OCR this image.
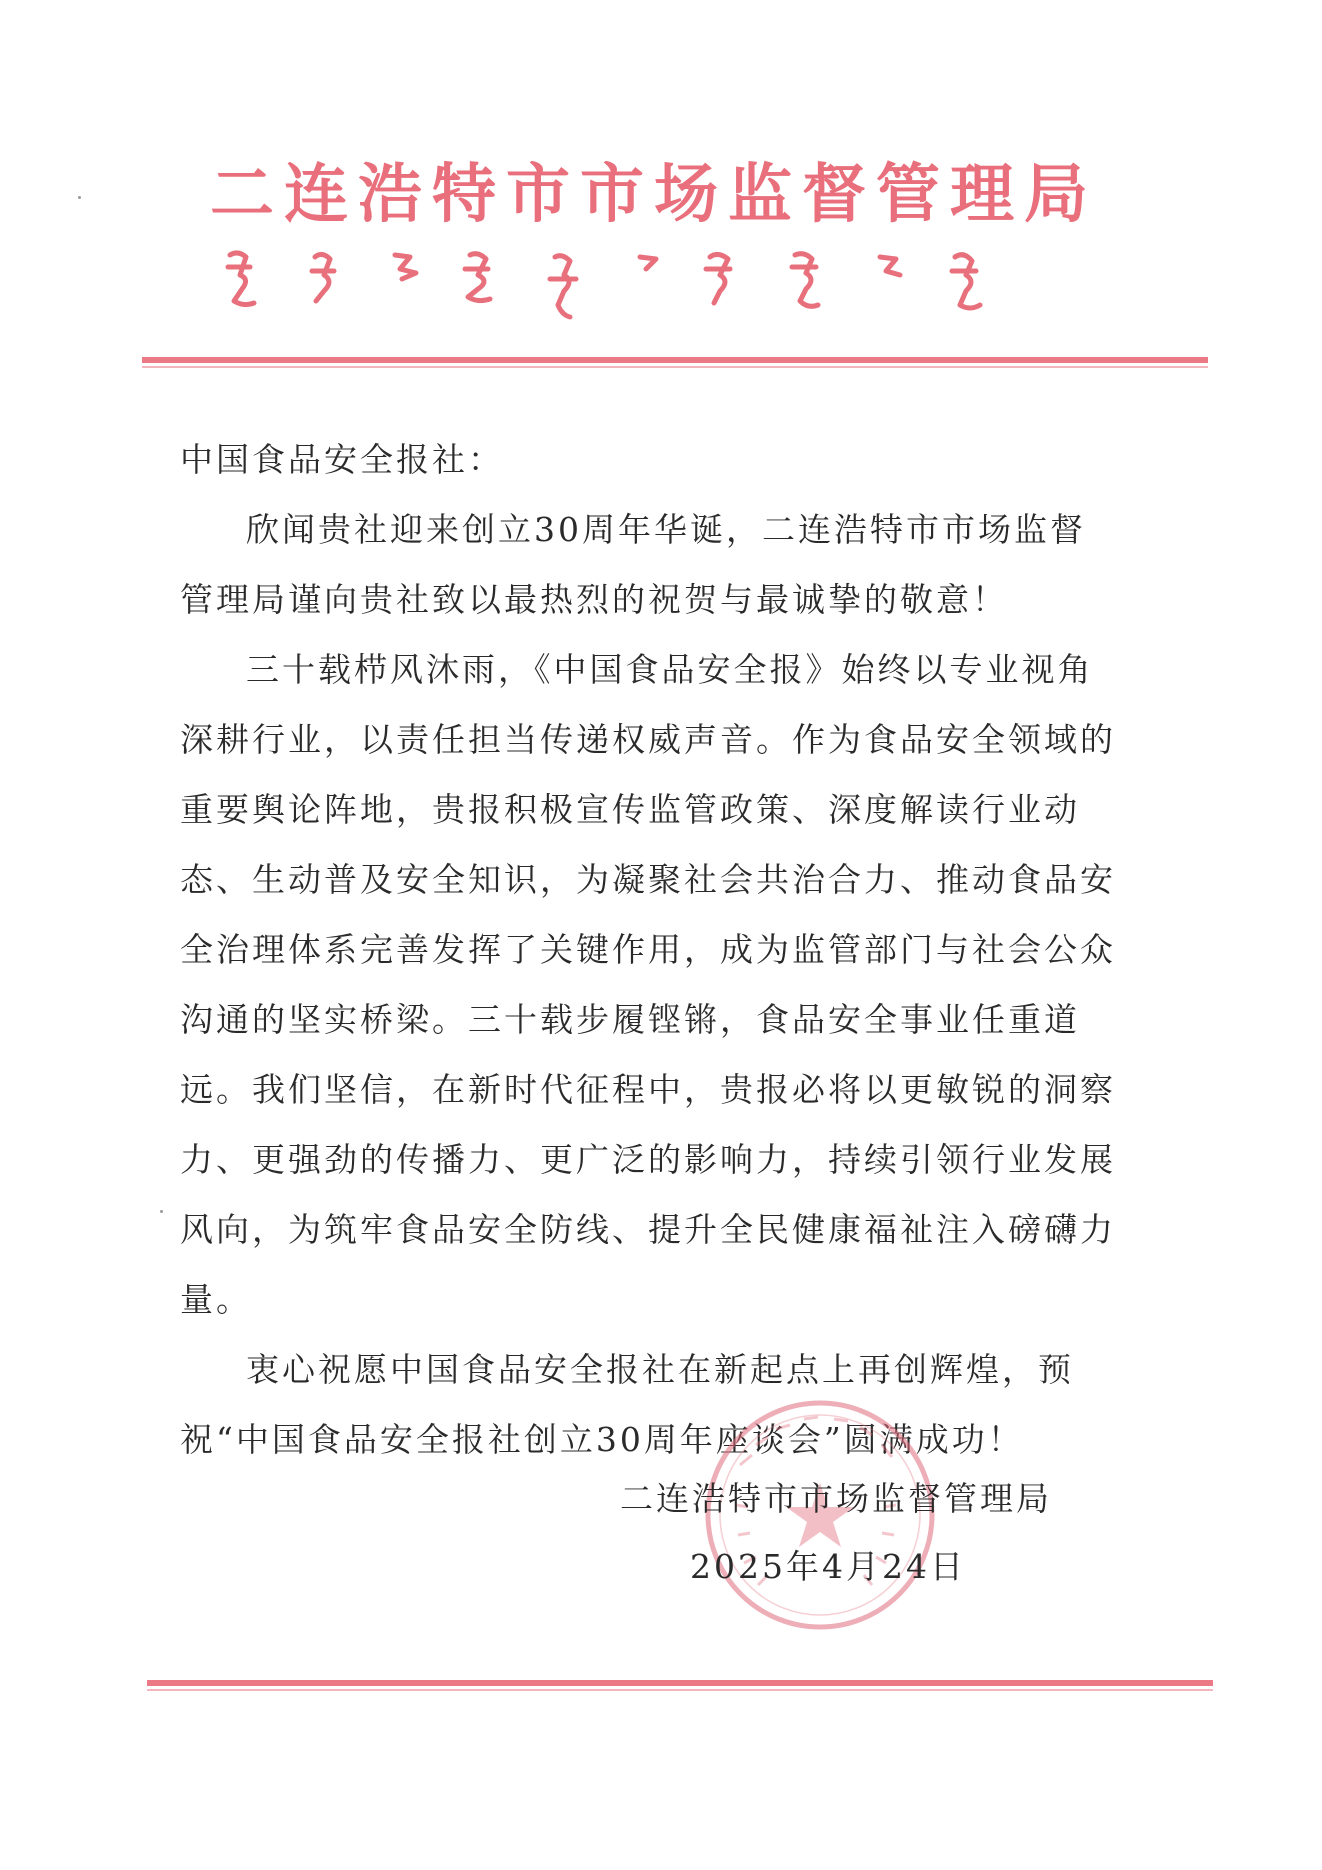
二连浩特市市场监督管理局

中国食品安全报社：

欣闻贵社迎来创立30周年华诞，二连浩特市市场监督管理局谨向贵社致以最热烈的祝贺与最诚挚的敬意！

三十载栉风沐雨，《中国食品安全报》始终以专业视角深耕行业，以责任担当传递权威声音。作为食品安全领域的重要舆论阵地，贵报积极宣传监管政策、深度解读行业动态、生动普及安全知识，为凝聚社会共治合力、推动食品安全治理体系完善发挥了关键作用，成为监管部门与社会公众沟通的坚实桥梁。三十载步履铿锵，食品安全事业任重道远。我们坚信，在新时代征程中，贵报必将以更敏锐的洞察力、更强劲的传播力、更广泛的影响力，持续引领行业发展风向，为筑牢食品安全防线、提升全民健康福祉注入磅礴力量。

衷心祝愿中国食品安全报社在新起点上再创辉煌，预祝“中国食品安全报社创立30周年座谈会”圆满成功！

二连浩特市市场监督管理局
2025年4月24日
